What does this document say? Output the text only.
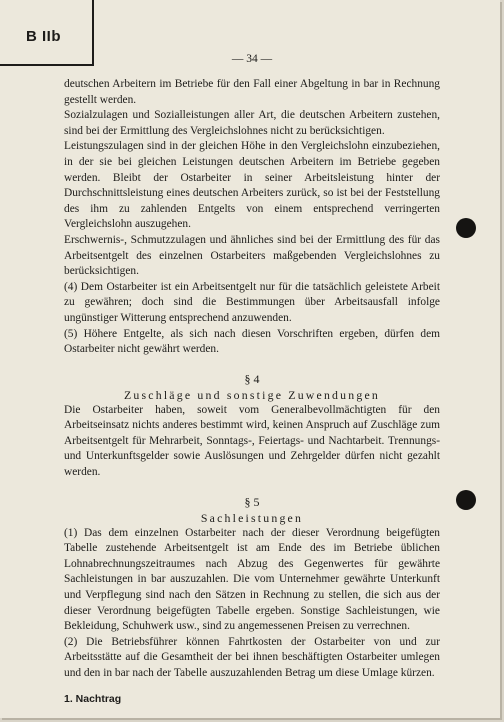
B IIb
— 34 —

deutschen Arbeitern im Betriebe für den Fall einer Abgeltung in bar in Rechnung gestellt werden.

Sozialzulagen und Sozialleistungen aller Art, die deutschen Arbeitern zustehen, sind bei der Ermittlung des Vergleichslohnes nicht zu berücksichtigen.

Leistungszulagen sind in der gleichen Höhe in den Vergleichslohn einzubeziehen, in der sie bei gleichen Leistungen deutschen Arbeitern im Betriebe gegeben werden. Bleibt der Ostarbeiter in seiner Arbeitsleistung hinter der Durchschnittsleistung eines deutschen Arbeiters zurück, so ist bei der Feststellung des ihm zu zahlenden Entgelts von einem entsprechend verringerten Vergleichslohn auszugehen.

Erschwernis-, Schmutzzulagen und ähnliches sind bei der Ermittlung des für das Arbeitsentgelt des einzelnen Ostarbeiters maßgebenden Vergleichslohnes zu berücksichtigen.

(4) Dem Ostarbeiter ist ein Arbeitsentgelt nur für die tatsächlich geleistete Arbeit zu gewähren; doch sind die Bestimmungen über Arbeitsausfall infolge ungünstiger Witterung entsprechend anzuwenden.

(5) Höhere Entgelte, als sich nach diesen Vorschriften ergeben, dürfen dem Ostarbeiter nicht gewährt werden.

§ 4
Zuschläge und sonstige Zuwendungen

Die Ostarbeiter haben, soweit vom Generalbevollmächtigten für den Arbeitseinsatz nichts anderes bestimmt wird, keinen Anspruch auf Zuschläge zum Arbeitsentgelt für Mehrarbeit, Sonntags-, Feiertags- und Nachtarbeit. Trennungs- und Unterkunftsgelder sowie Auslösungen und Zehrgelder dürfen nicht gezahlt werden.

§ 5
Sachleistungen

(1) Das dem einzelnen Ostarbeiter nach der dieser Verordnung beigefügten Tabelle zustehende Arbeitsentgelt ist am Ende des im Betriebe üblichen Lohnabrechnungszeitraumes nach Abzug des Gegenwertes für gewährte Sachleistungen in bar auszuzahlen. Die vom Unternehmer gewährte Unterkunft und Verpflegung sind nach den Sätzen in Rechnung zu stellen, die sich aus der dieser Verordnung beigefügten Tabelle ergeben. Sonstige Sachleistungen, wie Bekleidung, Schuhwerk usw., sind zu angemessenen Preisen zu verrechnen.

(2) Die Betriebsführer können Fahrtkosten der Ostarbeiter von und zur Arbeitsstätte auf die Gesamtheit der bei ihnen beschäftigten Ostarbeiter umlegen und den in bar nach der Tabelle auszuzahlenden Betrag um diese Umlage kürzen.

1. Nachtrag
